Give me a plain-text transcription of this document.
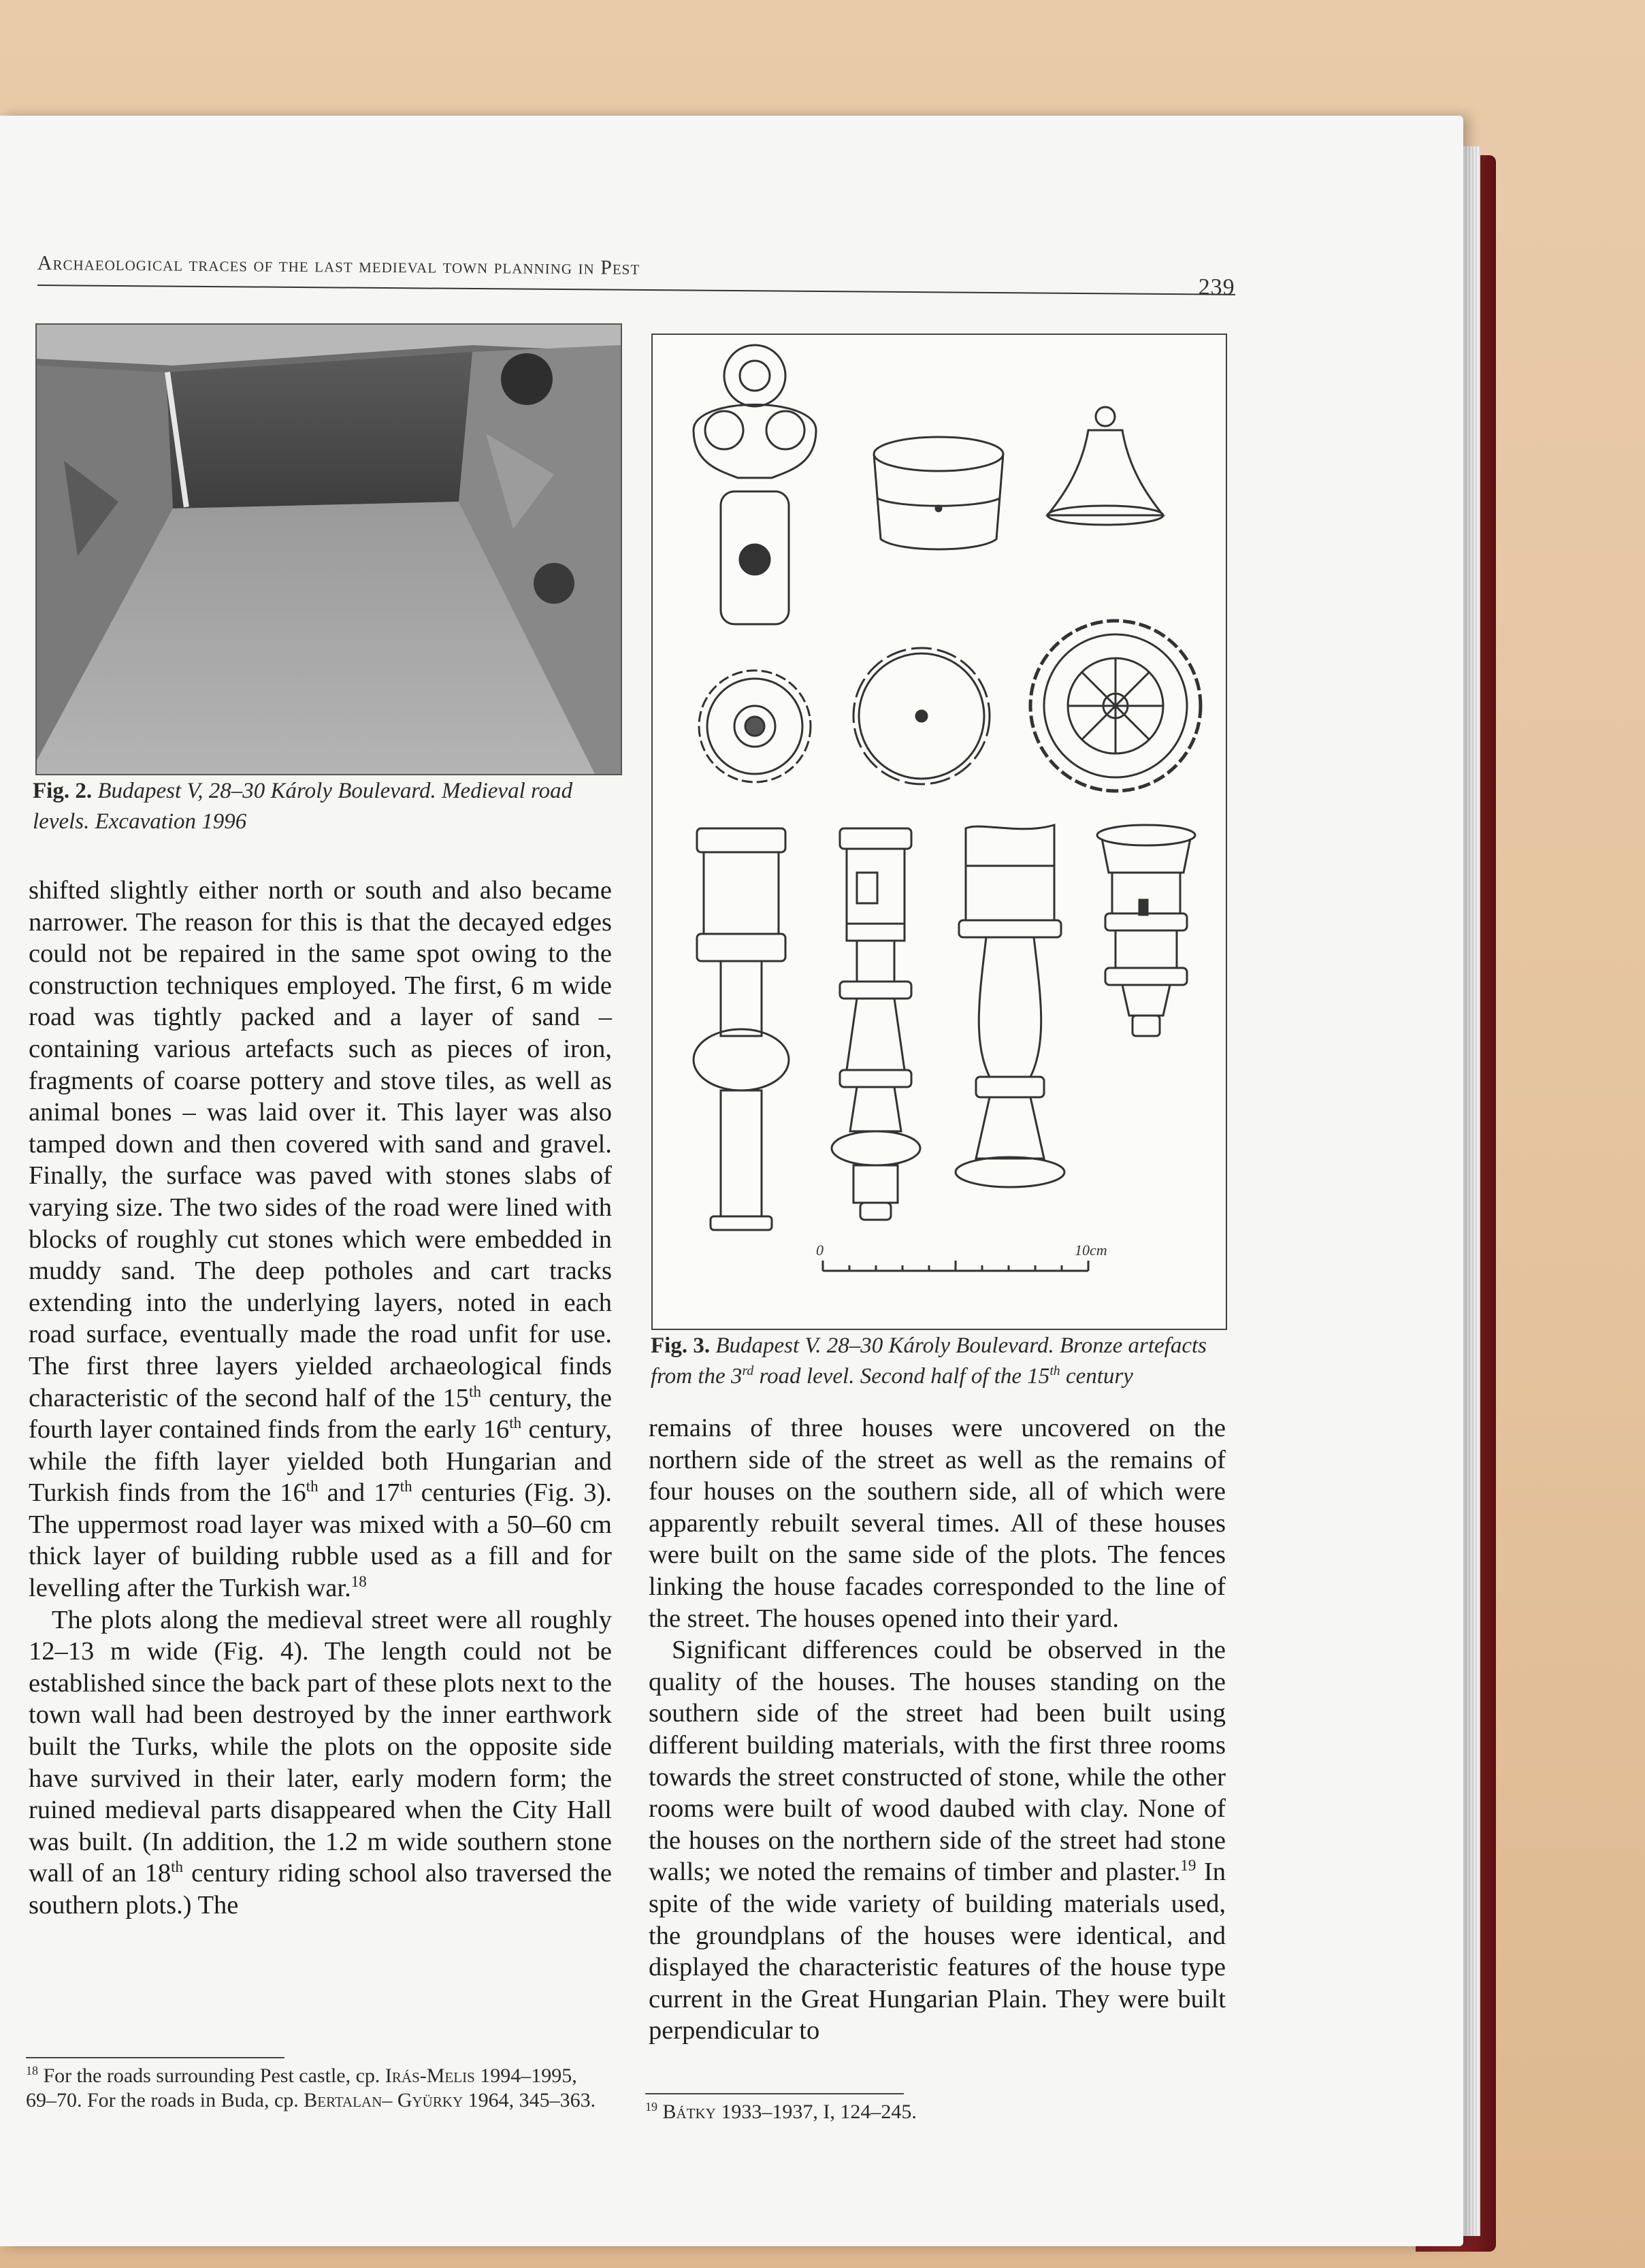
Archaeological traces of the last medieval town planning in Pest
239
Fig. 2. Budapest V, 28–30 Károly Boulevard. Medieval road levels. Excavation 1996
0	10cm
Fig. 3. Budapest V. 28–30 Károly Boulevard. Bronze artefacts from the 3rd road level. Second half of the 15th century

shifted slightly either north or south and also became narrower. The reason for this is that the decayed edges could not be repaired in the same spot owing to the construction techniques employed. The first, 6 m wide road was tightly packed and a layer of sand – containing various artefacts such as pieces of iron, fragments of coarse pottery and stove tiles, as well as animal bones – was laid over it. This layer was also tamped down and then covered with sand and gravel. Finally, the surface was paved with stones slabs of varying size. The two sides of the road were lined with blocks of roughly cut stones which were embedded in muddy sand. The deep potholes and cart tracks extending into the underlying layers, noted in each road surface, eventually made the road unfit for use. The first three layers yielded archaeological finds characteristic of the second half of the 15th century, the fourth layer contained finds from the early 16th century, while the fifth layer yielded both Hungarian and Turkish finds from the 16th and 17th centuries (Fig. 3). The uppermost road layer was mixed with a 50–60 cm thick layer of building rubble used as a fill and for levelling after the Turkish war.$^{18}$

The plots along the medieval street were all roughly 12–13 m wide (Fig. 4). The length could not be established since the back part of these plots next to the town wall had been destroyed by the inner earthwork built the Turks, while the plots on the opposite side have survived in their later, early modern form; the ruined medieval parts disappeared when the City Hall was built. (In addition, the 1.2 m wide southern stone wall of an 18th century riding school also traversed the southern plots.) The

remains of three houses were uncovered on the northern side of the street as well as the remains of four houses on the southern side, all of which were apparently rebuilt several times. All of these houses were built on the same side of the plots. The fences linking the house facades corresponded to the line of the street. The houses opened into their yard.

Significant differences could be observed in the quality of the houses. The houses standing on the southern side of the street had been built using different building materials, with the first three rooms towards the street constructed of stone, while the other rooms were built of wood daubed with clay. None of the houses on the northern side of the street had stone walls; we noted the remains of timber and plaster.$^{19}$ In spite of the wide variety of building materials used, the groundplans of the houses were identical, and displayed the characteristic features of the house type current in the Great Hungarian Plain. They were built perpendicular to

$^{18}$ For the roads surrounding Pest castle, cp. Irás-Melis 1994–1995, 69–70. For the roads in Buda, cp. Bertalan– Gyürky 1964, 345–363.	$^{19}$ Bátky 1933–1937, I, 124–245.
